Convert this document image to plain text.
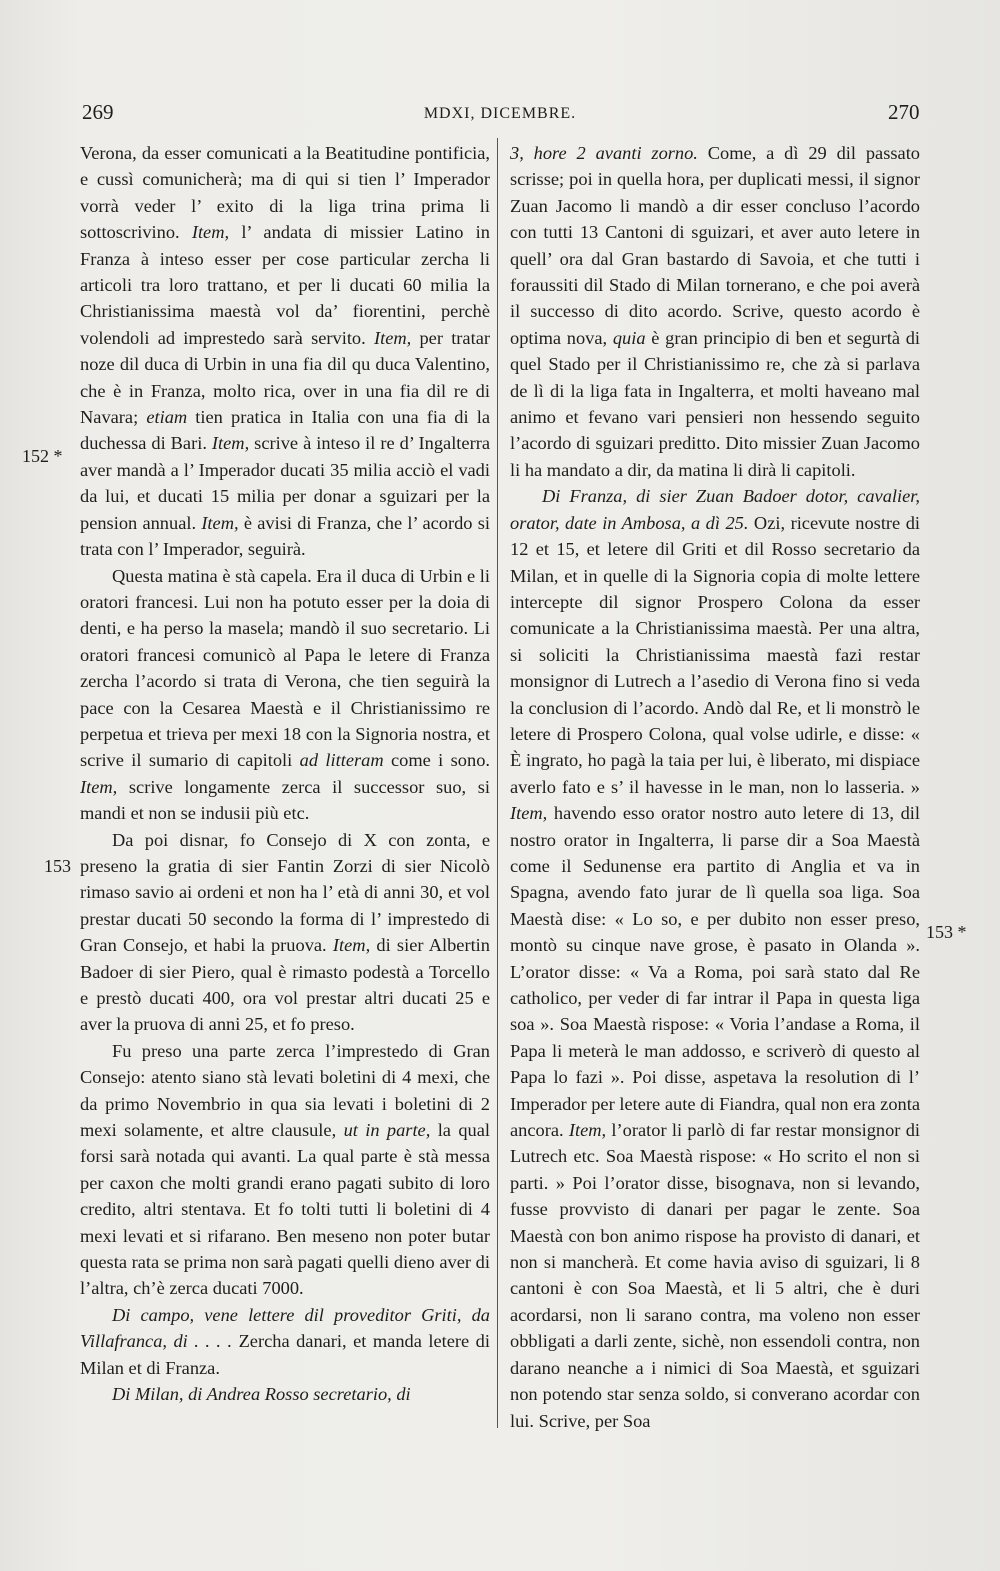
269	MDXI, DICEMBRE.	270
152 *
153
153 *

Verona, da esser comunicati a la Beatitudine pontificia, e cussì comunicherà; ma di qui si tien l’ Imperador vorrà veder l’ exito di la liga trina prima li sottoscrivino. Item, l’ andata di missier Latino in Franza à inteso esser per cose particular zercha li articoli tra loro trattano, et per li ducati 60 milia la Christianissima maestà vol da’ fiorentini, perchè volendoli ad imprestedo sarà servito. Item, per tratar noze dil duca di Urbin in una fia dil qu duca Valentino, che è in Franza, molto rica, over in una fia dil re di Navara; etiam tien pratica in Italia con una fia di la duchessa di Bari. Item, scrive à inteso il re d’ Ingalterra aver mandà a l’ Imperador ducati 35 milia acciò el vadi da lui, et ducati 15 milia per donar a sguizari per la pension annual. Item, è avisi di Franza, che l’ acordo si trata con l’ Imperador, seguirà.

Questa matina è stà capela. Era il duca di Urbin e li oratori francesi. Lui non ha potuto esser per la doia di denti, e ha perso la masela; mandò il suo secretario. Li oratori francesi comunicò al Papa le letere di Franza zercha l’acordo si trata di Verona, che tien seguirà la pace con la Cesarea Maestà e il Christianissimo re perpetua et trieva per mexi 18 con la Signoria nostra, et scrive il sumario di capitoli ad litteram come i sono. Item, scrive longamente zerca il successor suo, si mandi et non se indusii più etc.

Da poi disnar, fo Consejo di X con zonta, e preseno la gratia di sier Fantin Zorzi di sier Nicolò rimaso savio ai ordeni et non ha l’ età di anni 30, et vol prestar ducati 50 secondo la forma di l’ imprestedo di Gran Consejo, et habi la pruova. Item, di sier Albertin Badoer di sier Piero, qual è rimasto podestà a Torcello e prestò ducati 400, ora vol prestar altri ducati 25 e aver la pruova di anni 25, et fo preso.

Fu preso una parte zerca l’imprestedo di Gran Consejo: atento siano stà levati boletini di 4 mexi, che da primo Novembrio in qua sia levati i boletini di 2 mexi solamente, et altre clausule, ut in parte, la qual forsi sarà notada qui avanti. La qual parte è stà messa per caxon che molti grandi erano pagati subito di loro credito, altri stentava. Et fo tolti tutti li boletini di 4 mexi levati et si rifarano. Ben meseno non poter butar questa rata se prima non sarà pagati quelli dieno aver di l’altra, ch’è zerca ducati 7000.

Di campo, vene lettere dil proveditor Griti, da Villafranca, di . . . . Zercha danari, et manda letere di Milan et di Franza.

Di Milan, di Andrea Rosso secretario, di

3, hore 2 avanti zorno. Come, a dì 29 dil passato scrisse; poi in quella hora, per duplicati messi, il signor Zuan Jacomo li mandò a dir esser concluso l’acordo con tutti 13 Cantoni di sguizari, et aver auto letere in quell’ ora dal Gran bastardo di Savoia, et che tutti i foraussiti dil Stado di Milan tornerano, e che poi averà il successo di dito acordo. Scrive, questo acordo è optima nova, quia è gran principio di ben et segurtà di quel Stado per il Christianissimo re, che zà si parlava de lì di la liga fata in Ingalterra, et molti haveano mal animo et fevano vari pensieri non hessendo seguito l’acordo di sguizari preditto. Dito missier Zuan Jacomo li ha mandato a dir, da matina li dirà li capitoli.

Di Franza, di sier Zuan Badoer dotor, cavalier, orator, date in Ambosa, a dì 25. Ozi, ricevute nostre di 12 et 15, et letere dil Griti et dil Rosso secretario da Milan, et in quelle di la Signoria copia di molte lettere intercepte dil signor Prospero Colona da esser comunicate a la Christianissima maestà. Per una altra, si soliciti la Christianissima maestà fazi restar monsignor di Lutrech a l’asedio di Verona fino si veda la conclusion di l’acordo. Andò dal Re, et li monstrò le letere di Prospero Colona, qual volse udirle, e disse: « È ingrato, ho pagà la taia per lui, è liberato, mi dispiace averlo fato e s’ il havesse in le man, non lo lasseria. » Item, havendo esso orator nostro auto letere di 13, dil nostro orator in Ingalterra, li parse dir a Soa Maestà come il Sedunense era partito di Anglia et va in Spagna, avendo fato jurar de lì quella soa liga. Soa Maestà dise: « Lo so, e per dubito non esser preso, montò su cinque nave grose, è pasato in Olanda ». L’orator disse: « Va a Roma, poi sarà stato dal Re catholico, per veder di far intrar il Papa in questa liga soa ». Soa Maestà rispose: « Voria l’andase a Roma, il Papa li meterà le man addosso, e scriverò di questo al Papa lo fazi ». Poi disse, aspetava la resolution di l’ Imperador per letere aute di Fiandra, qual non era zonta ancora. Item, l’orator li parlò di far restar monsignor di Lutrech etc. Soa Maestà rispose: « Ho scrito el non si parti. » Poi l’orator disse, bisognava, non si levando, fusse provvisto di danari per pagar le zente. Soa Maestà con bon animo rispose ha provisto di danari, et non si mancherà. Et come havia aviso di sguizari, li 8 cantoni è con Soa Maestà, et li 5 altri, che è duri acordarsi, non li sarano contra, ma voleno non esser obbligati a darli zente, sichè, non essendoli contra, non darano neanche a i nimici di Soa Maestà, et sguizari non potendo star senza soldo, si converano acordar con lui. Scrive, per Soa
